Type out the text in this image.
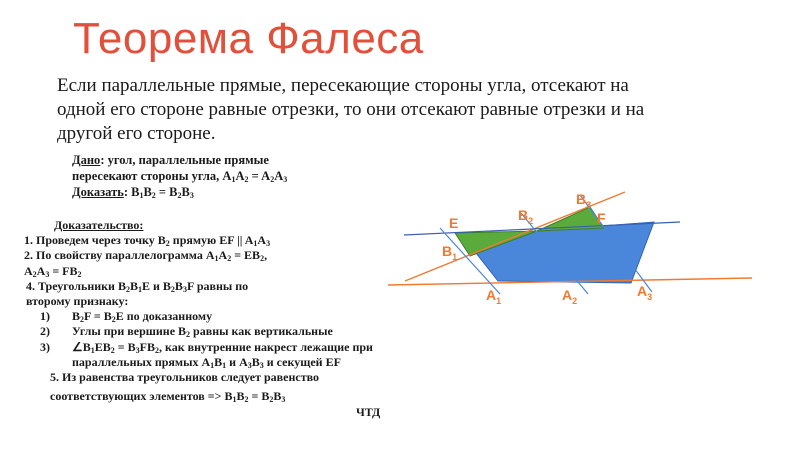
Теорема Фалеса
Если параллельные прямые, пересекающие стороны угла, отсекают на одной его стороне равные отрезки, то они отсекают равные отрезки и на другой его стороне.
Дано: угол, параллельные прямые
пересекают стороны угла, $A_1A_2 = A_2A_3$
Доказать: $B_1B_2 = B_2B_3$
Доказательство:
1. Проведем через точку $B_2$ прямую EF || $A_1A_3$
2. По свойству параллелограмма $A_1A_2 = EB_2$,
$A_2A_3 = FB_2$
4. Треугольники $B_2B_1E$ и $B_2B_3F$ равны по
второму признаку:
1)	$B_2F = B_2E$ по доказанному
2)	Углы при вершине $B_2$ равны как вертикальные
3)	$\angle B_1EB_2 = B_3FB_2$, как внутренние накрест лежащие при
параллельных прямых $A_1B_1$ и $A_3B_3$ и секущей EF
5. Из равенства треугольников следует равенство
соответствующих элементов => $B_1B_2 = B_2B_3$
ЧТД
E	F
$B_2$
$B_3$
$B_1$
$A_1$	$A_2$
$A_3$
